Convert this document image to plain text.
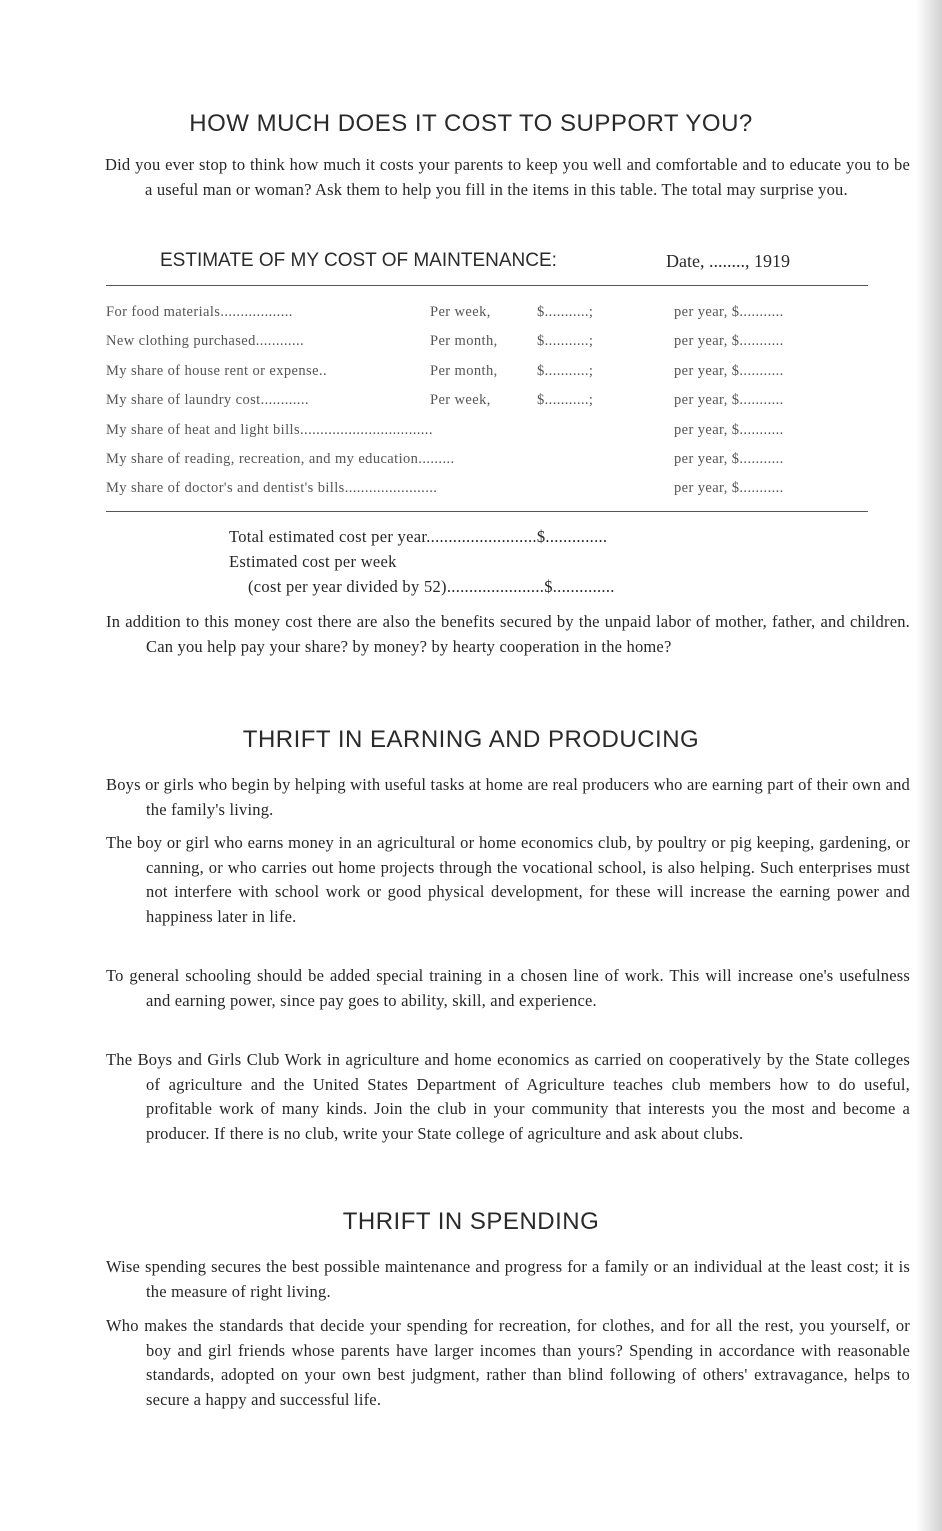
HOW MUCH DOES IT COST TO SUPPORT YOU?

Did you ever stop to think how much it costs your parents to keep you well and comfortable and to educate you to be a useful man or woman? Ask them to help you fill in the items in this table. The total may surprise you.

ESTIMATE OF MY COST OF MAINTENANCE:	Date, ........, 1919
For food materials..................	Per week,	$...........;	per year, $...........
New clothing purchased............	Per month,	$...........;	per year, $...........
My share of house rent or expense..	Per month,	$...........;	per year, $...........
My share of laundry cost............	Per week,	$...........;	per year, $...........
My share of heat and light bills.................................	per year, $...........
My share of reading, recreation, and my education.........	per year, $...........
My share of doctor's and dentist's bills.......................	per year, $...........
Total estimated cost per year.........................$..............
Estimated cost per week
(cost per year divided by 52)......................$..............

In addition to this money cost there are also the benefits secured by the unpaid labor of mother, father, and children. Can you help pay your share? by money? by hearty cooperation in the home?

THRIFT IN EARNING AND PRODUCING

Boys or girls who begin by helping with useful tasks at home are real producers who are earning part of their own and the family's living.

The boy or girl who earns money in an agricultural or home economics club, by poultry or pig keeping, gardening, or canning, or who carries out home projects through the vocational school, is also helping. Such enterprises must not interfere with school work or good physical development, for these will increase the earning power and happiness later in life.

To general schooling should be added special training in a chosen line of work. This will increase one's usefulness and earning power, since pay goes to ability, skill, and experience.

The Boys and Girls Club Work in agriculture and home economics as carried on cooperatively by the State colleges of agriculture and the United States Department of Agriculture teaches club members how to do useful, profitable work of many kinds. Join the club in your community that interests you the most and become a producer. If there is no club, write your State college of agriculture and ask about clubs.

THRIFT IN SPENDING

Wise spending secures the best possible maintenance and progress for a family or an individual at the least cost; it is the measure of right living.

Who makes the standards that decide your spending for recreation, for clothes, and for all the rest, you yourself, or boy and girl friends whose parents have larger incomes than yours? Spending in accordance with reasonable standards, adopted on your own best judgment, rather than blind following of others' extravagance, helps to secure a happy and successful life.
